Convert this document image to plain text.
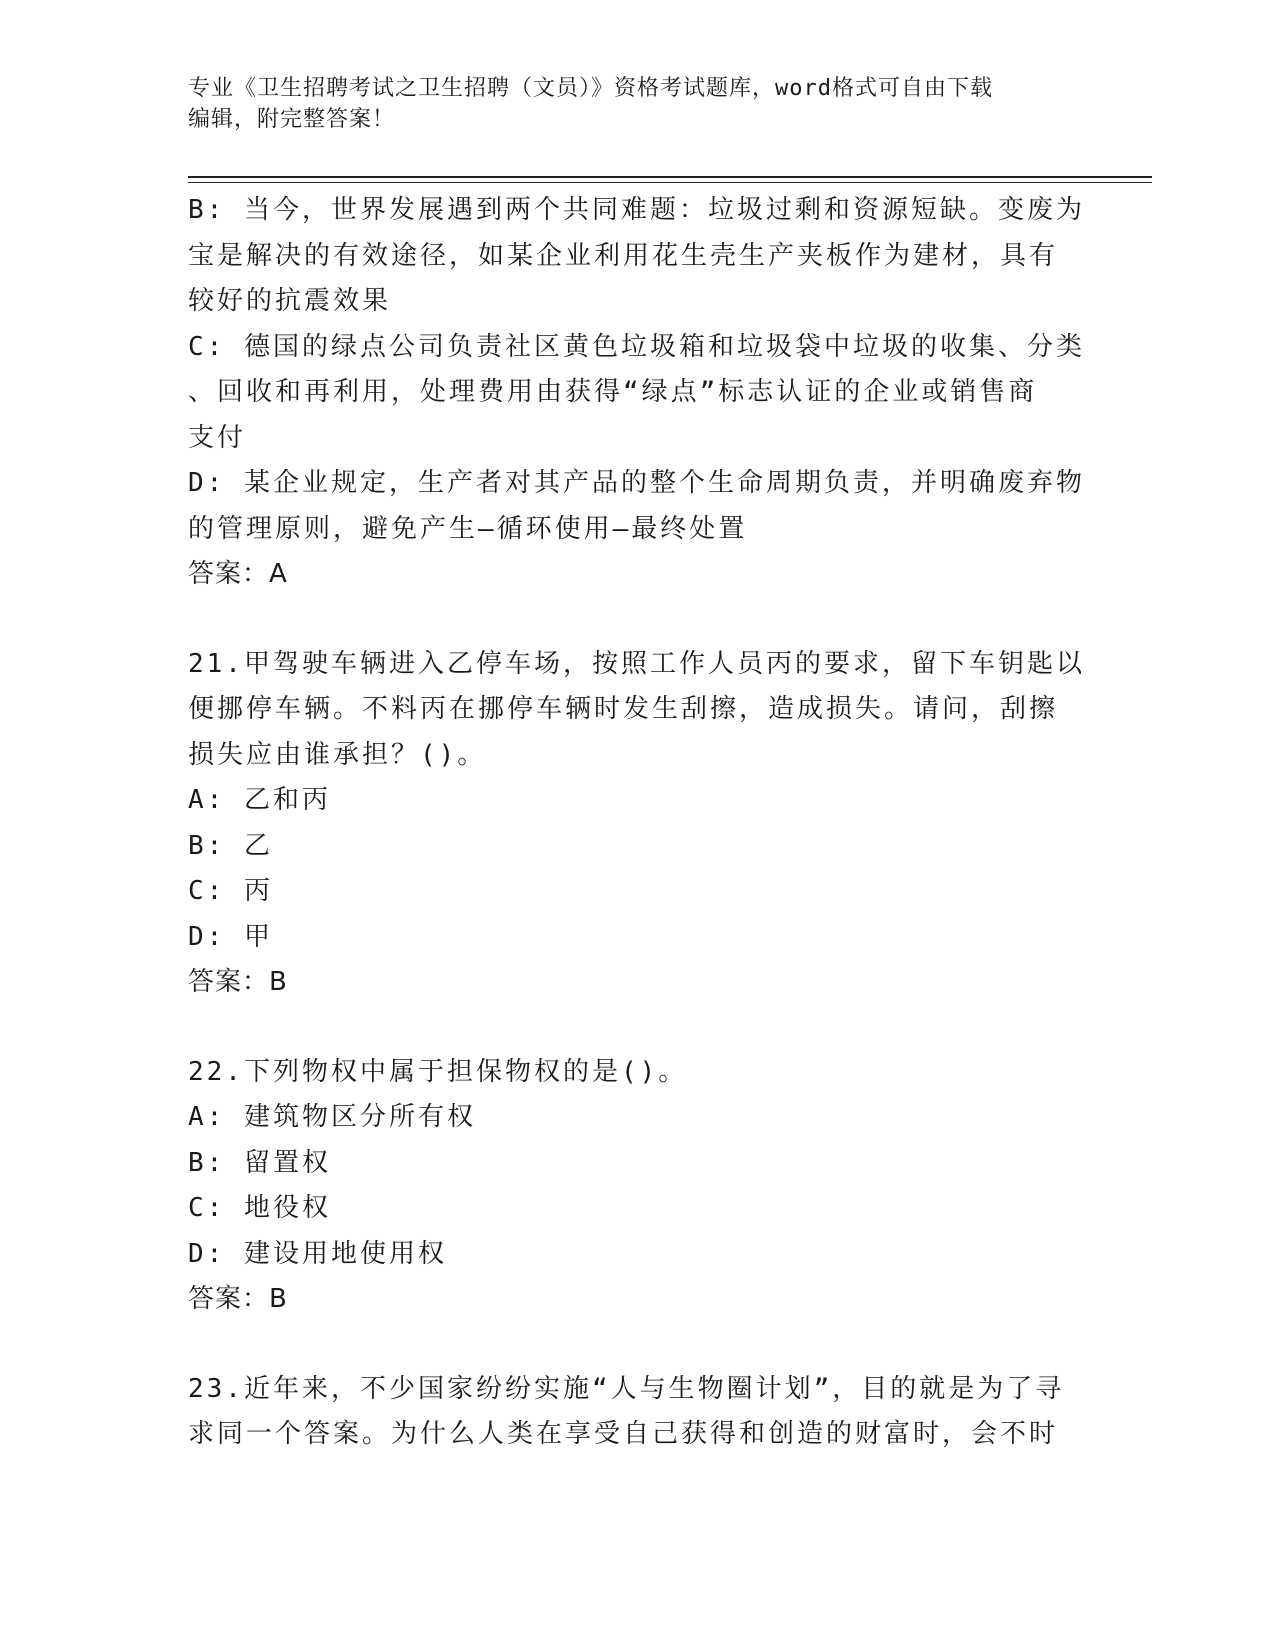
专业《卫生招聘考试之卫生招聘（文员）》资格考试题库，word格式可自由下载

编辑，附完整答案！

B: 当今，世界发展遇到两个共同难题：垃圾过剩和资源短缺。变废为

宝是解决的有效途径，如某企业利用花生壳生产夹板作为建材，具有

较好的抗震效果

C: 德国的绿点公司负责社区黄色垃圾箱和垃圾袋中垃圾的收集、分类

、回收和再利用，处理费用由获得“绿点”标志认证的企业或销售商

支付

D: 某企业规定，生产者对其产品的整个生命周期负责，并明确废弃物

的管理原则，避免产生—循环使用—最终处置

答案：A

21.甲驾驶车辆进入乙停车场，按照工作人员丙的要求，留下车钥匙以

便挪停车辆。不料丙在挪停车辆时发生刮擦，造成损失。请问，刮擦

损失应由谁承担？()。

A: 乙和丙

B: 乙

C: 丙

D: 甲

答案：B

22.下列物权中属于担保物权的是()。

A: 建筑物区分所有权

B: 留置权

C: 地役权

D: 建设用地使用权

答案：B

23.近年来，不少国家纷纷实施“人与生物圈计划”，目的就是为了寻

求同一个答案。为什么人类在享受自己获得和创造的财富时，会不时
